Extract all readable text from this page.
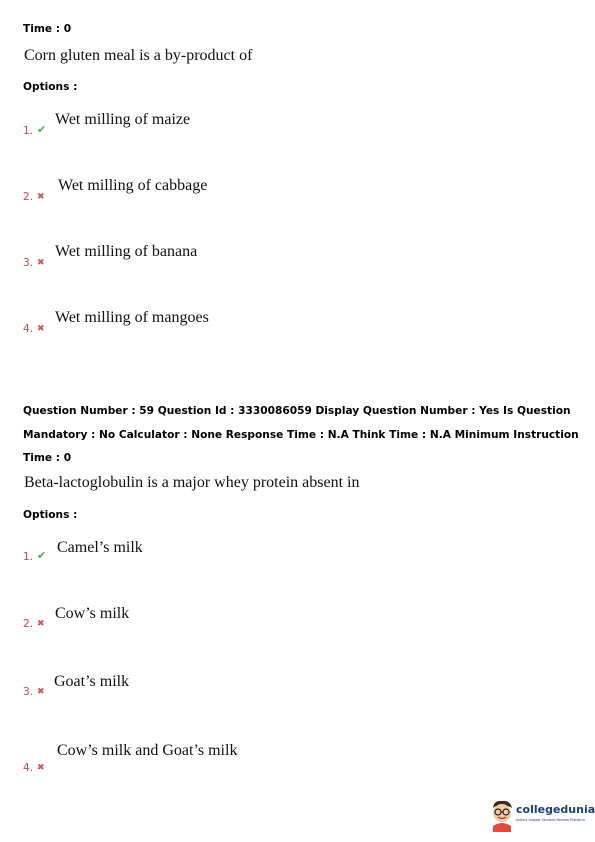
Time : 0
Corn gluten meal is a by-product of
Options :
1. ✔
Wet milling of maize
2. ✖
Wet milling of cabbage
3. ✖
Wet milling of banana
4. ✖
Wet milling of mangoes
Question Number : 59 Question Id : 3330086059 Display Question Number : Yes Is Question
Mandatory : No Calculator : None Response Time : N.A Think Time : N.A Minimum Instruction
Time : 0
Beta-lactoglobulin is a major whey protein absent in
Options :
1. ✔ Camel’s milk
2. ✖
Cow’s milk
3. ✖
Goat’s milk
4. ✖
Cow’s milk and Goat’s milk
collegedunia
India's largest Student Review Platform
